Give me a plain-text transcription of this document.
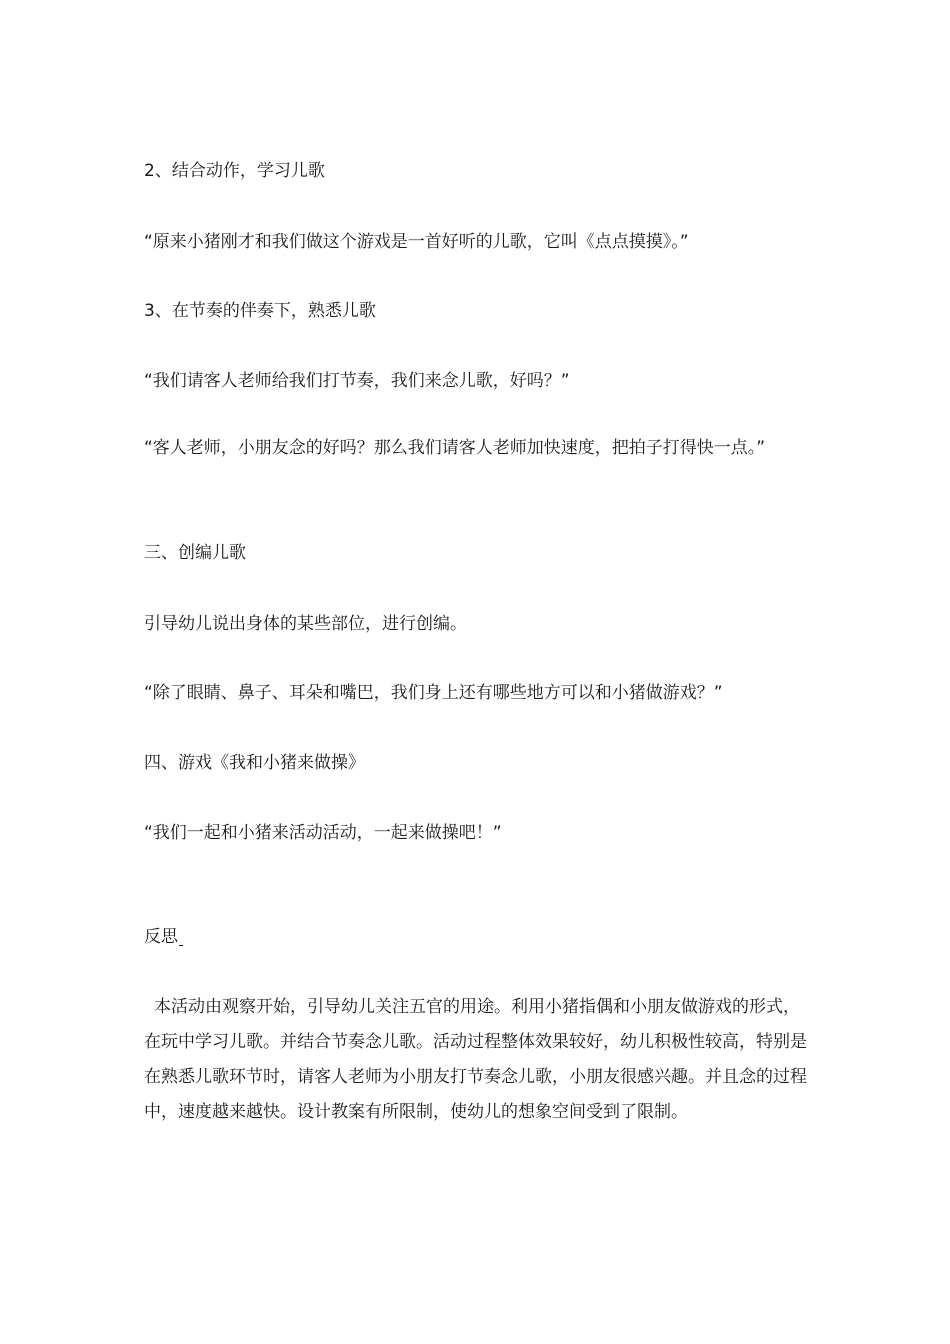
2、结合动作，学习儿歌
“原来小猪刚才和我们做这个游戏是一首好听的儿歌，它叫《点点摸摸》。”
3、在节奏的伴奏下，熟悉儿歌
“我们请客人老师给我们打节奏，我们来念儿歌，好吗？”

“客人老师，小朋友念的好吗？那么我们请客人老师加快速度，把拍子打得快一点。”

三、创编儿歌
引导幼儿说出身体的某些部位，进行创编。
“除了眼睛、鼻子、耳朵和嘴巴，我们身上还有哪些地方可以和小猪做游戏？”
四、游戏《我和小猪来做操》
“我们一起和小猪来活动活动，一起来做操吧！”
反思

本活动由观察开始，引导幼儿关注五官的用途。利用小猪指偶和小朋友做游戏的形式，在玩中学习儿歌。并结合节奏念儿歌。活动过程整体效果较好，幼儿积极性较高，特别是在熟悉儿歌环节时，请客人老师为小朋友打节奏念儿歌，小朋友很感兴趣。并且念的过程中，速度越来越快。设计教案有所限制，使幼儿的想象空间受到了限制。
